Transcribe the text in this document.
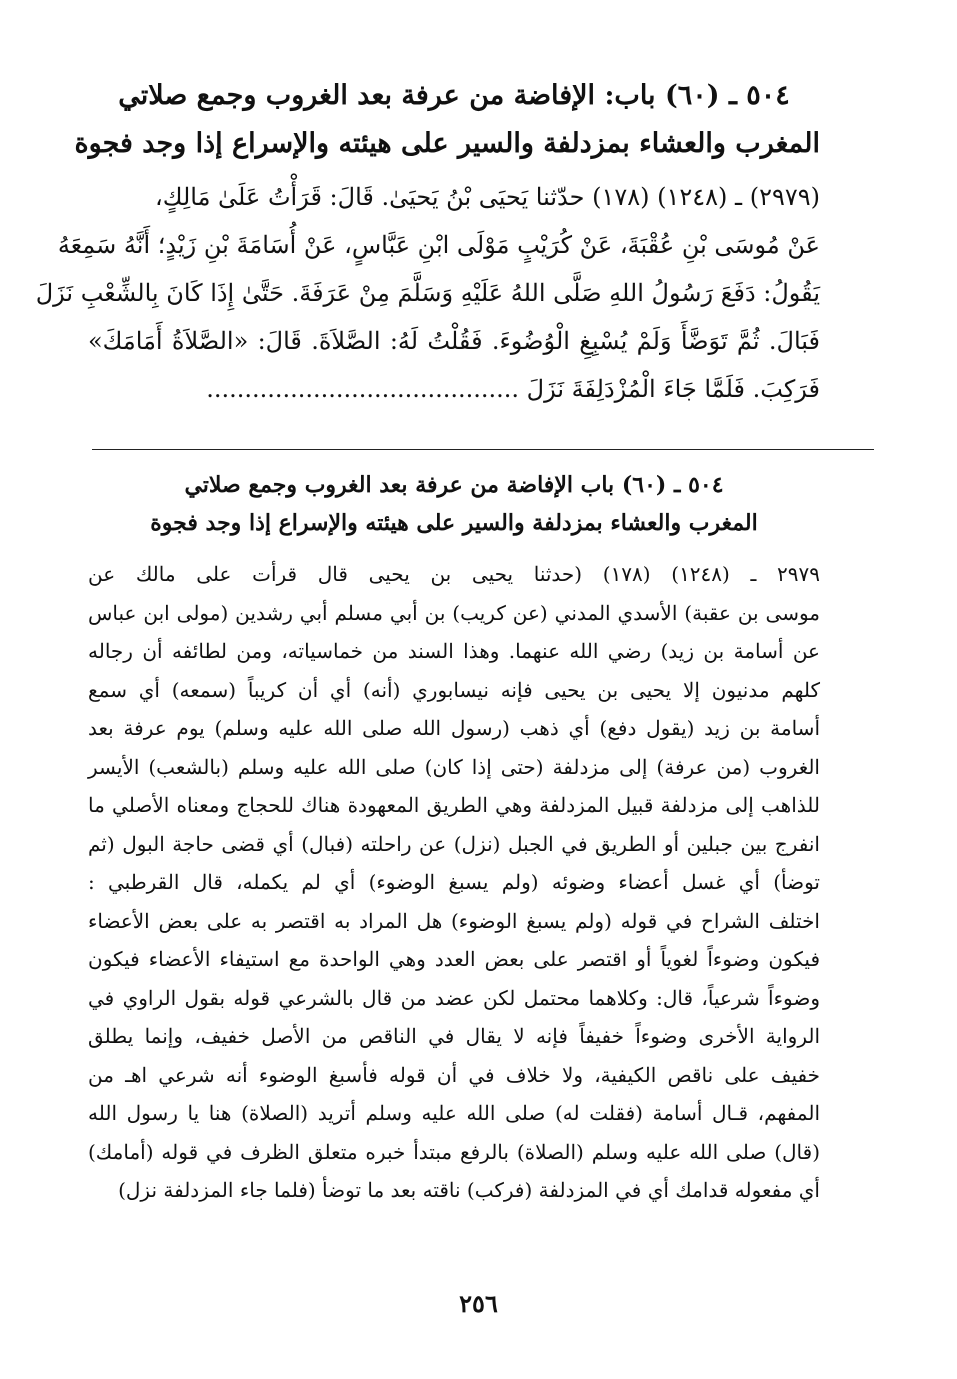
٥٠٤ ـ (٦٠) باب: الإفاضة من عرفة بعد الغروب وجمع صلاتي
المغرب والعشاء بمزدلفة والسير على هيئته والإسراع إذا وجد فجوة
(٢٩٧٩) ـ (١٢٤٨) (١٧٨) حدّثنا يَحيَى بْنُ يَحيَىٰ. قَالَ: قَرَأْتُ عَلَىٰ مَالِكٍ،
عَنْ مُوسَى بْنِ عُقْبَةَ، عَنْ كُرَيْبٍ مَوْلَى ابْنِ عَبَّاسٍ، عَنْ أُسَامَةَ بْنِ زَيْدٍ؛ أَنَّهُ سَمِعَهُ
يَقُولُ: دَفَعَ رَسُولُ اللهِ صَلَّى اللهُ عَلَيْهِ وَسَلَّمَ مِنْ عَرَفَةَ. حَتَّىٰ إِذَا كَانَ بِالشِّعْبِ نَزَلَ
فَبَالَ. ثُمَّ تَوَضَّأَ وَلَمْ يُسْبِغِ الْوُضُوءَ. فَقُلْتُ لَهُ: الصَّلاَةَ. قَالَ: «الصَّلاَةُ أَمَامَكَ»
فَرَكِبَ. فَلَمَّا جَاءَ الْمُزْدَلِفَةَ نَزَلَ .........................................
٥٠٤ ـ (٦٠) باب الإفاضة من عرفة بعد الغروب وجمع صلاتي
المغرب والعشاء بمزدلفة والسير على هيئته والإسراع إذا وجد فجوة
٢٩٧٩ ـ (١٢٤٨) (١٧٨) (حدثنا يحيى بن يحيى قال قرأت على مالك عن
موسى بن عقبة) الأسدي المدني (عن كريب) بن أبي مسلم أبي رشدين (مولى ابن عباس
عن أسامة بن زيد) رضي الله عنهما. وهذا السند من خماسياته، ومن لطائفه أن رجاله
كلهم مدنيون إلا يحيى بن يحيى فإنه نيسابوري (أنه) أي أن كريباً (سمعه) أي سمع
أسامة بن زيد (يقول دفع) أي ذهب (رسول الله صلى الله عليه وسلم) يوم عرفة بعد
الغروب (من عرفة) إلى مزدلفة (حتى إذا كان) صلى الله عليه وسلم (بالشعب) الأيسر
للذاهب إلى مزدلفة قبيل المزدلفة وهي الطريق المعهودة هناك للحجاج ومعناه الأصلي ما
انفرج بين جبلين أو الطريق في الجبل (نزل) عن راحلته (فبال) أي قضى حاجة البول (ثم
توضأ) أي غسل أعضاء وضوئه (ولم يسبغ الوضوء) أي لم يكمله، قال القرطبي :
اختلف الشراح في قوله (ولم يسبغ الوضوء) هل المراد به اقتصر به على بعض الأعضاء
فيكون وضوءاً لغوياً أو اقتصر على بعض العدد وهي الواحدة مع استيفاء الأعضاء فيكون
وضوءاً شرعياً، قال: وكلاهما محتمل لكن عضد من قال بالشرعي قوله بقول الراوي في
الرواية الأخرى وضوءاً خفيفاً فإنه لا يقال في الناقص من الأصل خفيف، وإنما يطلق
خفيف على ناقص الكيفية، ولا خلاف في أن قوله فأسبغ الوضوء أنه شرعي اهـ من
المفهم، قـال أسامة (فقلت له) صلى الله عليه وسلم أتريد (الصلاة) هنا يا رسول الله
(قال) صلى الله عليه وسلم (الصلاة) بالرفع مبتدأ خبره متعلق الظرف في قوله (أمامك)
أي مفعوله قدامك أي في المزدلفة (فركب) ناقته بعد ما توضأ (فلما جاء المزدلفة نزل)
٢٥٦
